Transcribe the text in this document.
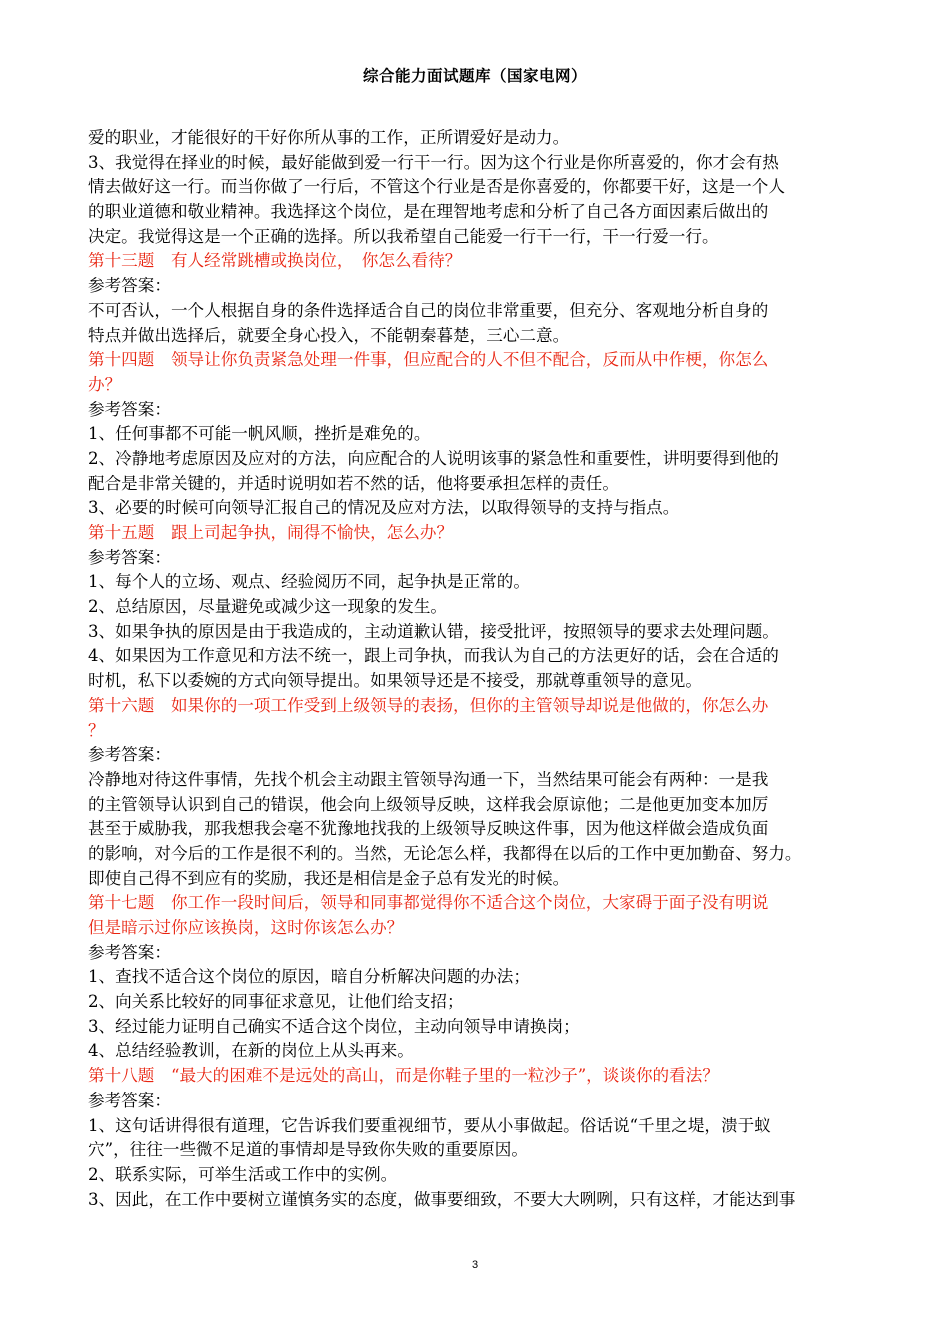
综合能力面试题库（国家电网）
爱的职业，才能很好的干好你所从事的工作，正所谓爱好是动力。
3、我觉得在择业的时候，最好能做到爱一行干一行。因为这个行业是你所喜爱的，你才会有热
情去做好这一行。而当你做了一行后，不管这个行业是否是你喜爱的，你都要干好，这是一个人
的职业道德和敬业精神。我选择这个岗位，是在理智地考虑和分析了自己各方面因素后做出的
决定。我觉得这是一个正确的选择。所以我希望自己能爱一行干一行，干一行爱一行。
第十三题　有人经常跳槽或换岗位，　你怎么看待？
参考答案：
不可否认，一个人根据自身的条件选择适合自己的岗位非常重要，但充分、客观地分析自身的
特点并做出选择后，就要全身心投入，不能朝秦暮楚，三心二意。
第十四题　领导让你负责紧急处理一件事，但应配合的人不但不配合，反而从中作梗，你怎么
办？
参考答案：
1、任何事都不可能一帆风顺，挫折是难免的。
2、冷静地考虑原因及应对的方法，向应配合的人说明该事的紧急性和重要性，讲明要得到他的
配合是非常关键的，并适时说明如若不然的话，他将要承担怎样的责任。
3、必要的时候可向领导汇报自己的情况及应对方法，以取得领导的支持与指点。
第十五题　跟上司起争执，闹得不愉快，怎么办？
参考答案：
1、每个人的立场、观点、经验阅历不同，起争执是正常的。
2、总结原因，尽量避免或减少这一现象的发生。
3、如果争执的原因是由于我造成的，主动道歉认错，接受批评，按照领导的要求去处理问题。
4、如果因为工作意见和方法不统一，跟上司争执，而我认为自己的方法更好的话，会在合适的
时机，私下以委婉的方式向领导提出。如果领导还是不接受，那就尊重领导的意见。
第十六题　如果你的一项工作受到上级领导的表扬，但你的主管领导却说是他做的，你怎么办
？
参考答案：
冷静地对待这件事情，先找个机会主动跟主管领导沟通一下，当然结果可能会有两种：一是我
的主管领导认识到自己的错误，他会向上级领导反映，这样我会原谅他；二是他更加变本加厉
甚至于威胁我，那我想我会毫不犹豫地找我的上级领导反映这件事，因为他这样做会造成负面
的影响，对今后的工作是很不利的。当然，无论怎么样，我都得在以后的工作中更加勤奋、努力。
即使自己得不到应有的奖励，我还是相信是金子总有发光的时候。
第十七题　你工作一段时间后，领导和同事都觉得你不适合这个岗位，大家碍于面子没有明说
但是暗示过你应该换岗，这时你该怎么办？
参考答案：
1、查找不适合这个岗位的原因，暗自分析解决问题的办法；
2、向关系比较好的同事征求意见，让他们给支招；
3、经过能力证明自己确实不适合这个岗位，主动向领导申请换岗；
4、总结经验教训，在新的岗位上从头再来。
第十八题　“最大的困难不是远处的高山，而是你鞋子里的一粒沙子”，谈谈你的看法？
参考答案：
1、这句话讲得很有道理，它告诉我们要重视细节，要从小事做起。俗话说“千里之堤，溃于蚁
穴”，往往一些微不足道的事情却是导致你失败的重要原因。
2、联系实际，可举生活或工作中的实例。
3、因此，在工作中要树立谨慎务实的态度，做事要细致，不要大大咧咧，只有这样，才能达到事
3
